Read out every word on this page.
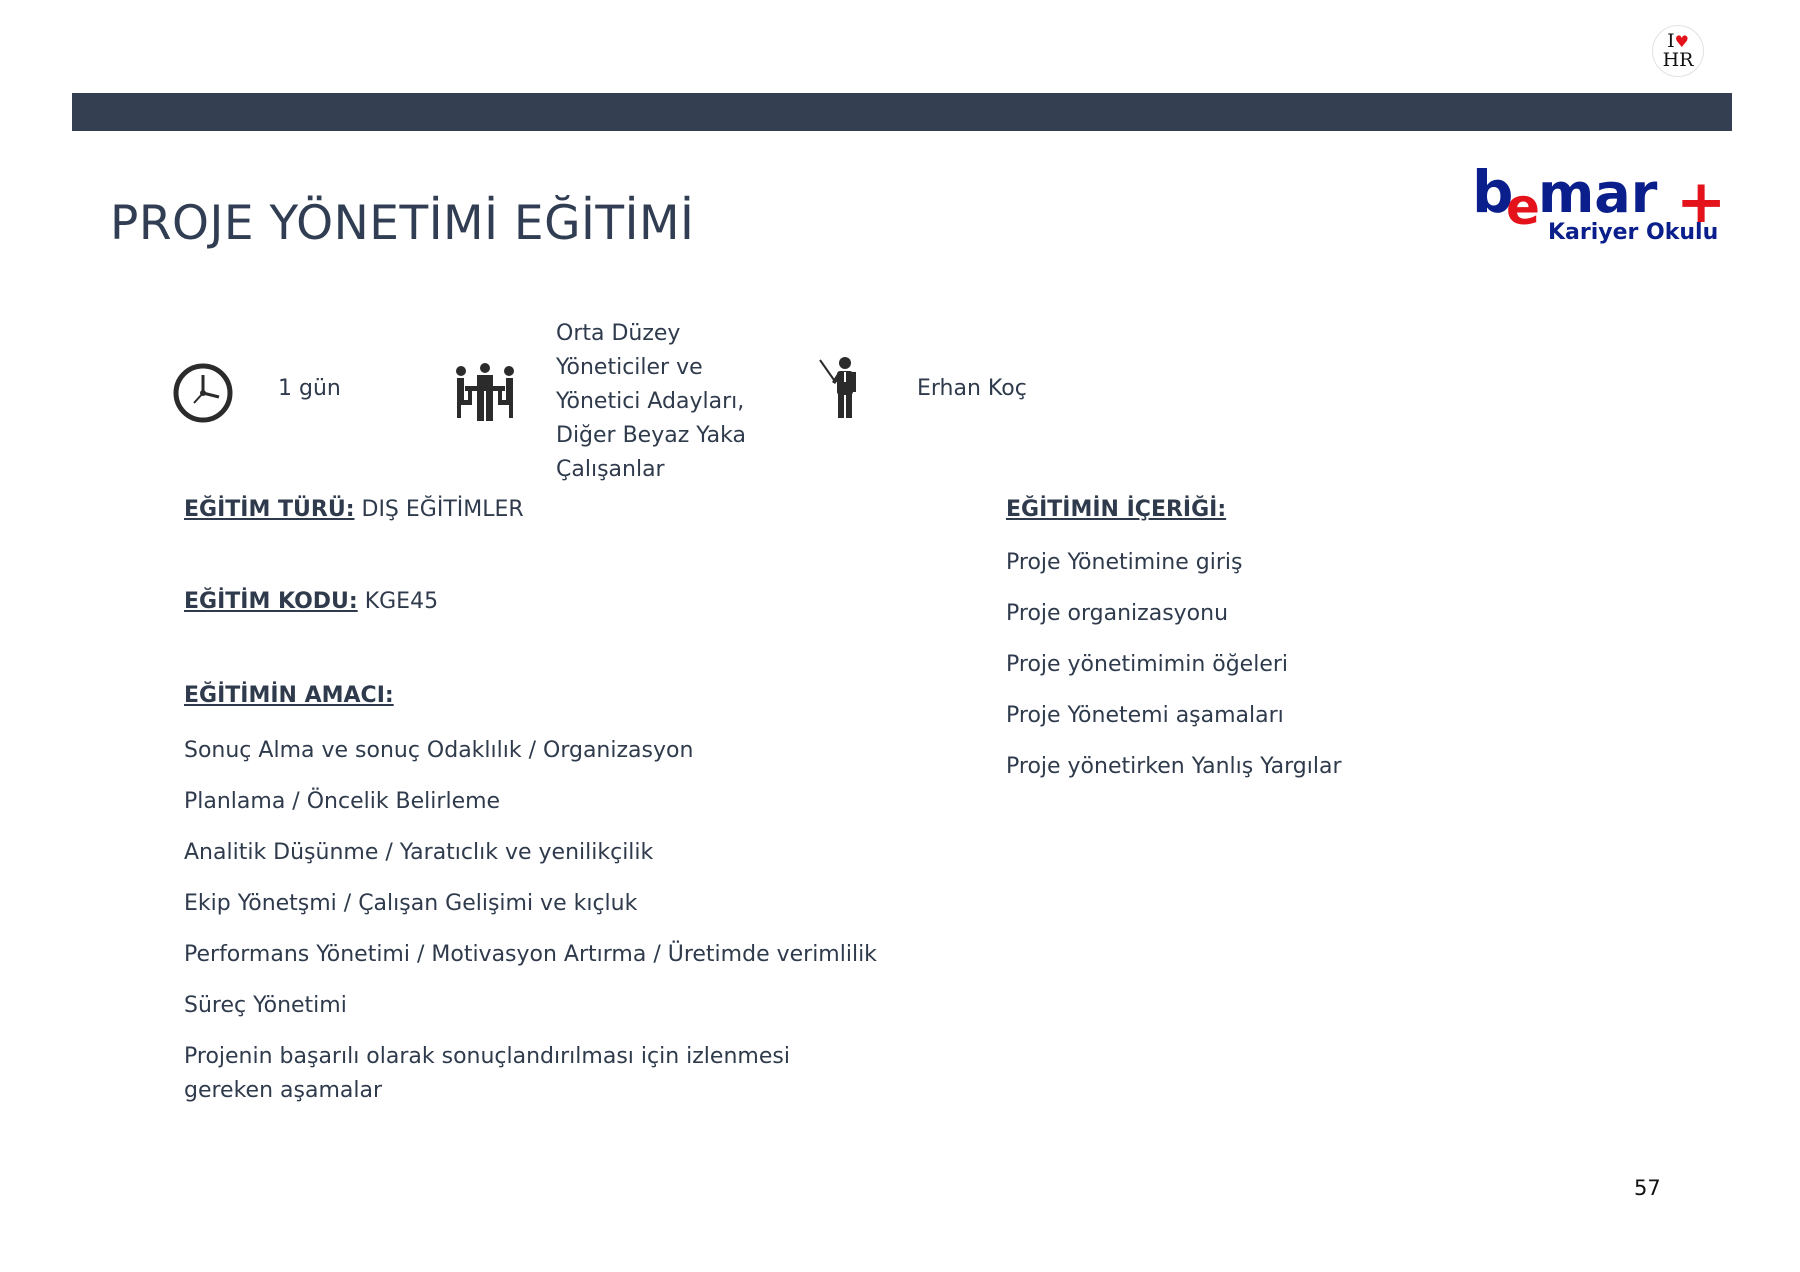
I♥
HR
b
e
mar +
Kariyer Okulu
PROJE YÖNETİMİ EĞİTİMİ
1 gün
Orta Düzey Yöneticiler ve Yönetici Adayları, Diğer Beyaz Yaka Çalışanlar
Erhan Koç
EĞİTİM TÜRÜ: DIŞ EĞİTİMLER
EĞİTİM KODU: KGE45
EĞİTİMİN AMACI:
Sonuç Alma ve sonuç Odaklılık / Organizasyon
Planlama / Öncelik Belirleme
Analitik Düşünme / Yaratıclık ve yenilikçilik
Ekip Yönetşmi / Çalışan Gelişimi ve kıçluk
Performans Yönetimi / Motivasyon Artırma / Üretimde verimlilik
Süreç Yönetimi
Projenin başarılı olarak sonuçlandırılması için izlenmesi gereken aşamalar
EĞİTİMİN İÇERİĞİ:
Proje Yönetimine giriş
Proje organizasyonu
Proje yönetimimin öğeleri
Proje Yönetemi aşamaları
Proje yönetirken Yanlış Yargılar
57
